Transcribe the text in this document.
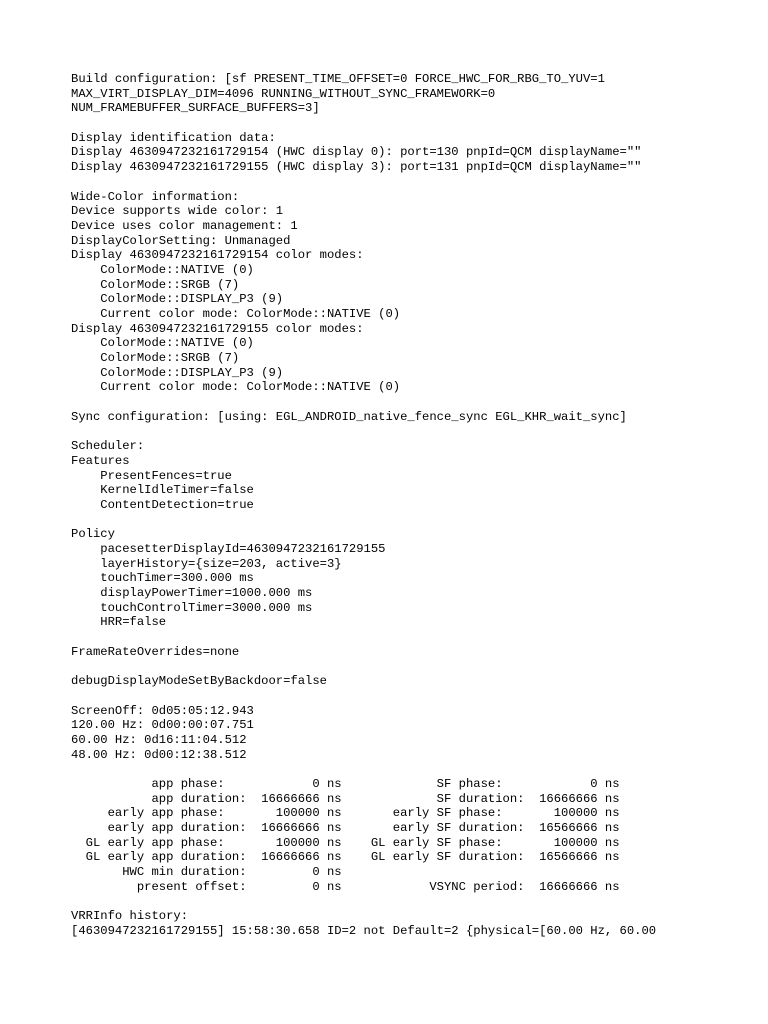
Build configuration: [sf PRESENT_TIME_OFFSET=0 FORCE_HWC_FOR_RBG_TO_YUV=1
MAX_VIRT_DISPLAY_DIM=4096 RUNNING_WITHOUT_SYNC_FRAMEWORK=0
NUM_FRAMEBUFFER_SURFACE_BUFFERS=3]
Display identification data:
Display 4630947232161729154 (HWC display 0): port=130 pnpId=QCM displayName=""
Display 4630947232161729155 (HWC display 3): port=131 pnpId=QCM displayName=""
Wide-Color information:
Device supports wide color: 1
Device uses color management: 1
DisplayColorSetting: Unmanaged
Display 4630947232161729154 color modes:
ColorMode::NATIVE (0)
ColorMode::SRGB (7)
ColorMode::DISPLAY_P3 (9)
Current color mode: ColorMode::NATIVE (0)
Display 4630947232161729155 color modes:
ColorMode::NATIVE (0)
ColorMode::SRGB (7)
ColorMode::DISPLAY_P3 (9)
Current color mode: ColorMode::NATIVE (0)
Sync configuration: [using: EGL_ANDROID_native_fence_sync EGL_KHR_wait_sync]
Scheduler:
Features
PresentFences=true
KernelIdleTimer=false
ContentDetection=true
Policy
pacesetterDisplayId=4630947232161729155
layerHistory={size=203, active=3}
touchTimer=300.000 ms
displayPowerTimer=1000.000 ms
touchControlTimer=3000.000 ms
HRR=false
FrameRateOverrides=none
debugDisplayModeSetByBackdoor=false
ScreenOff: 0d05:05:12.943
120.00 Hz: 0d00:00:07.751
60.00 Hz: 0d16:11:04.512
48.00 Hz: 0d00:12:38.512
app phase:            0 ns             SF phase:            0 ns
app duration:  16666666 ns             SF duration:  16666666 ns
early app phase:       100000 ns       early SF phase:       100000 ns
early app duration:  16666666 ns       early SF duration:  16566666 ns
GL early app phase:       100000 ns    GL early SF phase:       100000 ns
GL early app duration:  16666666 ns    GL early SF duration:  16566666 ns
HWC min duration:         0 ns
present offset:         0 ns            VSYNC period:  16666666 ns
VRRInfo history:
[4630947232161729155] 15:58:30.658 ID=2 not Default=2 {physical=[60.00 Hz, 60.00
